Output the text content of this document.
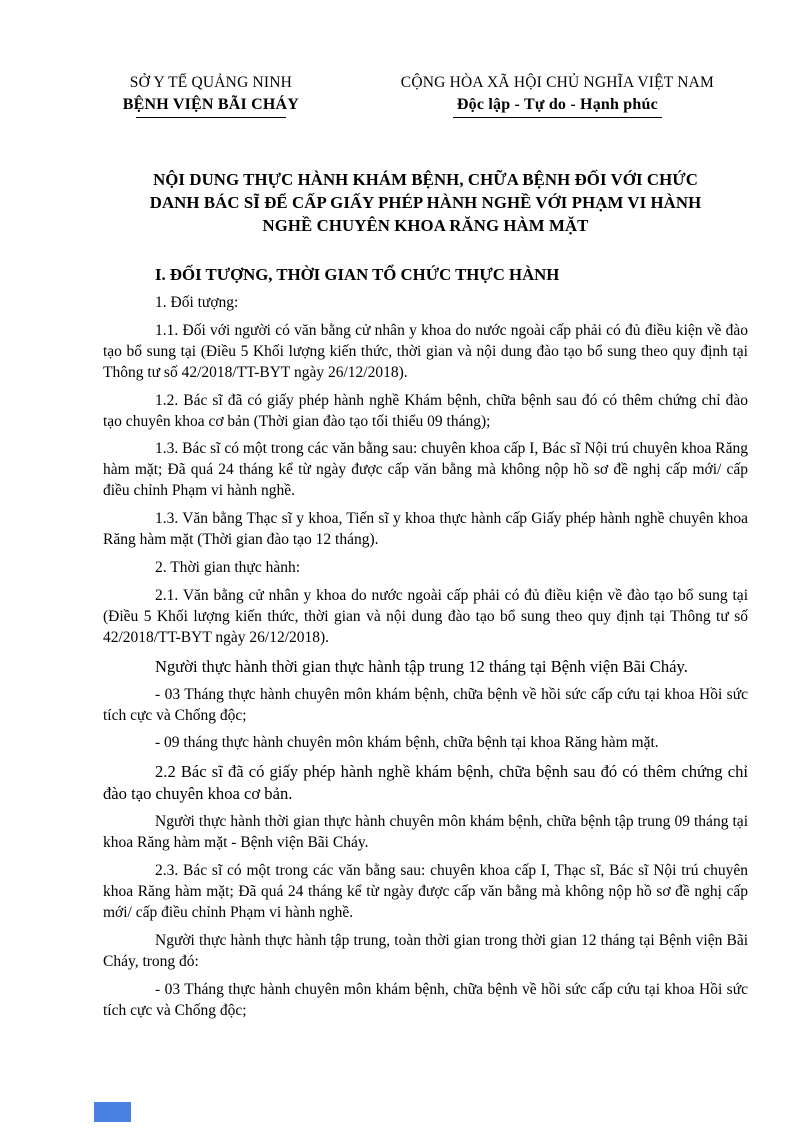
SỞ Y TẾ QUẢNG NINH
BỆNH VIỆN BÃI CHÁY
CỘNG HÒA XÃ HỘI CHỦ NGHĨA VIỆT NAM
Độc lập - Tự do - Hạnh phúc
NỘI DUNG THỰC HÀNH KHÁM BỆNH, CHỮA BỆNH ĐỐI VỚI CHỨC
DANH BÁC SĨ ĐỂ CẤP GIẤY PHÉP HÀNH NGHỀ VỚI PHẠM VI HÀNH
NGHỀ CHUYÊN KHOA RĂNG HÀM MẶT
I. ĐỐI TƯỢNG, THỜI GIAN TỔ CHỨC THỰC HÀNH

1. Đối tượng:

1.1. Đối với người có văn bằng cử nhân y khoa do nước ngoài cấp phải có đủ điều kiện về đào tạo bổ sung tại (Điều 5 Khối lượng kiến thức, thời gian và nội dung đào tạo bổ sung theo quy định tại Thông tư số 42/2018/TT-BYT ngày 26/12/2018).

1.2. Bác sĩ đã có giấy phép hành nghề Khám bệnh, chữa bệnh sau đó có thêm chứng chỉ đào tạo chuyên khoa cơ bản (Thời gian đào tạo tối thiểu 09 tháng);

1.3. Bác sĩ có một trong các văn bằng sau: chuyên khoa cấp I, Bác sĩ Nội trú chuyên khoa Răng hàm mặt; Đã quá 24 tháng kể từ ngày được cấp văn bằng mà không nộp hồ sơ đề nghị cấp mới/ cấp điều chỉnh Phạm vi hành nghề.

1.3. Văn bằng Thạc sĩ y khoa, Tiến sĩ y khoa thực hành cấp Giấy phép hành nghề chuyên khoa Răng hàm mặt (Thời gian đào tạo 12 tháng).

2. Thời gian thực hành:

2.1. Văn bằng cử nhân y khoa do nước ngoài cấp phải có đủ điều kiện về đào tạo bổ sung tại (Điều 5 Khối lượng kiến thức, thời gian và nội dung đào tạo bổ sung theo quy định tại Thông tư số 42/2018/TT-BYT ngày 26/12/2018).

Người thực hành thời gian thực hành tập trung 12 tháng tại Bệnh viện Bãi Cháy.

- 03 Tháng thực hành chuyên môn khám bệnh, chữa bệnh về hồi sức cấp cứu tại khoa Hồi sức tích cực và Chống độc;

- 09 tháng thực hành chuyên môn khám bệnh, chữa bệnh tại khoa Răng hàm mặt.

2.2 Bác sĩ đã có giấy phép hành nghề khám bệnh, chữa bệnh sau đó có thêm chứng chỉ đào tạo chuyên khoa cơ bản.

Người thực hành thời gian thực hành chuyên môn khám bệnh, chữa bệnh tập trung 09 tháng tại khoa Răng hàm mặt - Bệnh viện Bãi Cháy.

2.3. Bác sĩ có một trong các văn bằng sau: chuyên khoa cấp I, Thạc sĩ, Bác sĩ Nội trú chuyên khoa Răng hàm mặt; Đã quá 24 tháng kể từ ngày được cấp văn bằng mà không nộp hồ sơ đề nghị cấp mới/ cấp điều chỉnh Phạm vi hành nghề.

Người thực hành thực hành tập trung, toàn thời gian trong thời gian 12 tháng tại Bệnh viện Bãi Cháy, trong đó:

- 03 Tháng thực hành chuyên môn khám bệnh, chữa bệnh về hồi sức cấp cứu tại khoa Hồi sức tích cực và Chống độc;
